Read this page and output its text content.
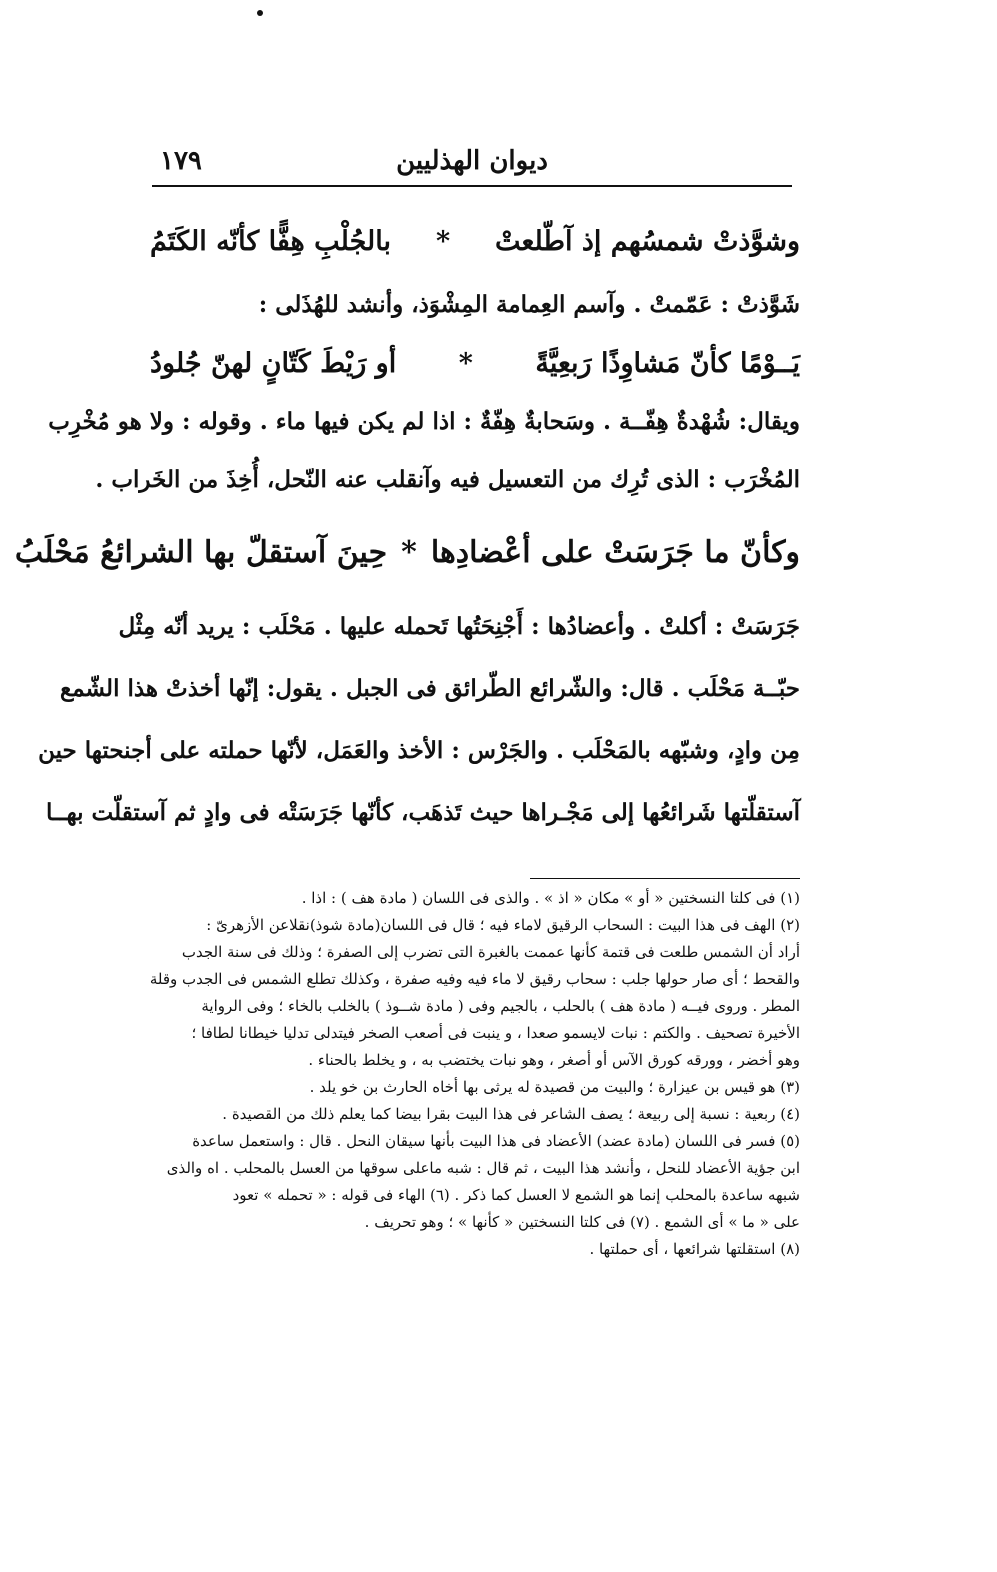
١٧٩	ديوان الهذليين
وشوَّذتْ شمسُهم إذ آطّلعتْ
*
بالجُلْبِ هِفًّا كأنّه الكَتَمُ
شَوَّذتْ : عَمّمتْ . وآسم العِمامة المِشْوَذ، وأنشد للهُذَلى :
يَــوْمًا كأنّ مَشاوِذًا رَبعِيَّةً
*
أو رَيْطَ كَتّانٍ لهنّ جُلودُ
ويقال: شُهْدةٌ هِفّــة . وسَحابةٌ هِفّةٌ : اذا لم يكن فيها ماء . وقوله : ولا هو مُخْرِب
المُخْرَب : الذى تُرِك من التعسيل فيه وآنقلب عنه النّحل، أُخِذَ من الخَراب .
وكأنّ ما جَرَسَتْ على أعْضادِها
*
حِينَ آستقلّ بها الشرائعُ مَحْلَبُ
جَرَسَتْ : أكلتْ . وأعضادُها : أَجْنِحَتُها تَحمله عليها . مَحْلَب : يريد أنّه مِثْل
حبّــة مَحْلَب . قال: والشّرائع الطّرائق فى الجبل . يقول: إنّها أخذتْ هذا الشّمع
مِن وادٍ، وشبّهه بالمَحْلَب . والجَرْس : الأخذ والعَمَل، لأنّها حملته على أجنحتها حين
آستقلّتها شَرائعُها إلى مَجْـراها حيث تَذهَب، كأنّها جَرَسَتْه فى وادٍ ثم آستقلّت بهــا
(١) فى كلتا النسختين « أو » مكان « اذ » . والذى فى اللسان ( مادة هف ) : اذا .
(٢) الهف فى هذا البيت : السحاب الرقيق لاماء فيه ؛ قال فى اللسان(مادة شوذ)نقلاعن الأزهرىّ :
أراد أن الشمس طلعت فى قتمة كأنها عممت بالغبرة التى تضرب إلى الصفرة ؛ وذلك فى سنة الجدب
والقحط ؛ أى صار حولها جلب : سحاب رقيق لا ماء فيه وفيه صفرة ، وكذلك تطلع الشمس فى الجدب وقلة
المطر . وروى فيــه ( مادة هف ) بالحلب ، بالجيم وفى ( مادة شــوذ ) بالخلب بالخاء ؛ وفى الرواية
الأخيرة تصحيف . والكتم : نبات لايسمو صعدا ، و ينبت فى أصعب الصخر فيتدلى تدليا خيطانا لطافا ؛
وهو أخضر ، وورقه كورق الآس أو أصغر ، وهو نبات يختضب به ، و يخلط بالحناء .
(٣) هو قيس بن عيزارة ؛ والبيت من قصيدة له يرثى بها أخاه الحارث بن خو يلد .
(٤) ربعية : نسبة إلى ربيعة ؛ يصف الشاعر فى هذا البيت بقرا بيضا كما يعلم ذلك من القصيدة .
(٥) فسر فى اللسان (مادة عضد) الأعضاد فى هذا البيت بأنها سيقان النحل . قال : واستعمل ساعدة
ابن جؤية الأعضاد للنحل ، وأنشد هذا البيت ، ثم قال : شبه ماعلى سوقها من العسل بالمحلب . اه والذى
شبهه ساعدة بالمحلب إنما هو الشمع لا العسل كما ذكر . (٦) الهاء فى قوله : « تحمله » تعود
على « ما » أى الشمع . (٧) فى كلتا النسختين « كأنها » ؛ وهو تحريف .
(٨) استقلتها شرائعها ، أى حملتها .
